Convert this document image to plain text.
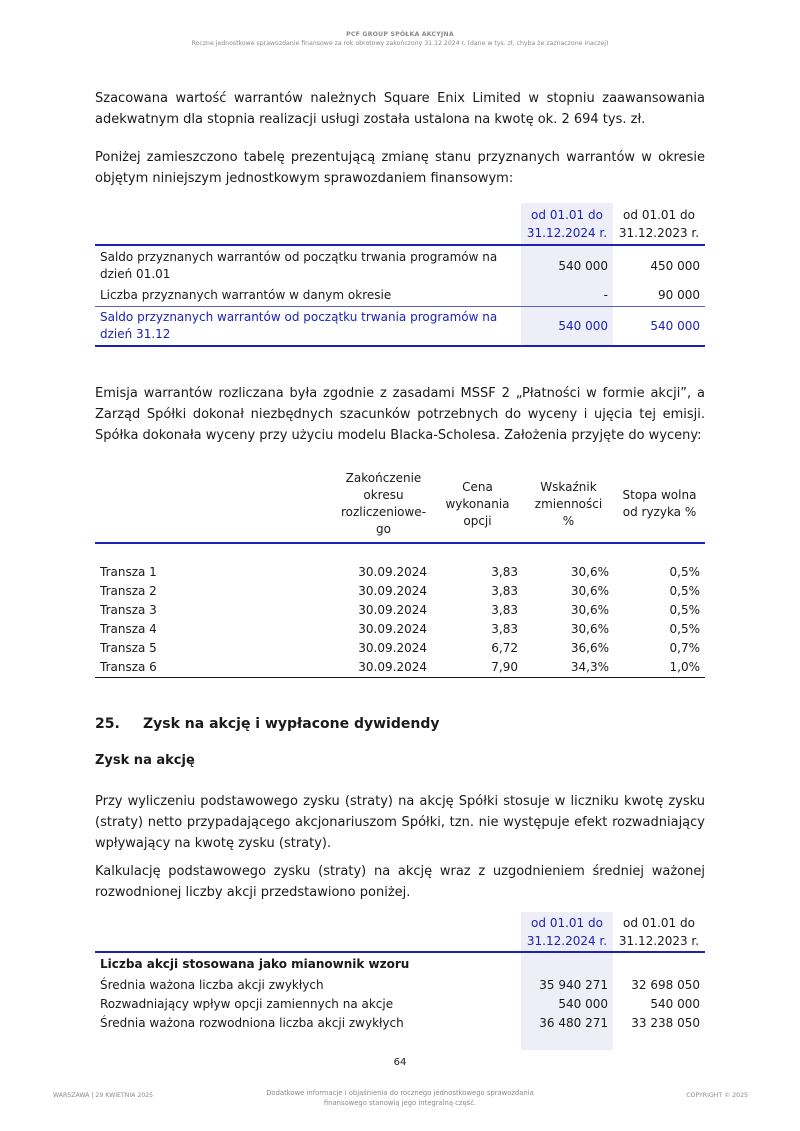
PCF GROUP SPÓŁKA AKCYJNA
Roczne jednostkowe sprawozdanie finansowe za rok obrotowy zakończony 31.12.2024 r. (dane w tys. zł, chyba że zaznaczone inaczej)

Szacowana wartość warrantów należnych Square Enix Limited w stopniu zaawansowania adekwatnym dla stopnia realizacji usługi została ustalona na kwotę ok. 2 694 tys. zł.

Poniżej zamieszczono tabelę prezentującą zmianę stanu przyznanych warrantów w okresie objętym niniejszym jednostkowym sprawozdaniem finansowym:

	od 01.01 do 31.12.2024 r.	od 01.01 do 31.12.2023 r.
Saldo przyznanych warrantów od początku trwania programów na dzień 01.01	540 000	450 000
Liczba przyznanych warrantów w danym okresie	-	90 000
Saldo przyznanych warrantów od początku trwania programów na dzień 31.12	540 000	540 000

Emisja warrantów rozliczana była zgodnie z zasadami MSSF 2 „Płatności w formie akcji”, a Zarząd Spółki dokonał niezbędnych szacunków potrzebnych do wyceny i ujęcia tej emisji. Spółka dokonała wyceny przy użyciu modelu Blacka-Scholesa. Założenia przyjęte do wyceny:

	Zakończenie okresu rozliczeniowe-go	Cena wykonania opcji	Wskaźnik zmienności %	Stopa wolna od ryzyka %

Transza 1	30.09.2024	3,83	30,6%	0,5%
Transza 2	30.09.2024	3,83	30,6%	0,5%
Transza 3	30.09.2024	3,83	30,6%	0,5%
Transza 4	30.09.2024	3,83	30,6%	0,5%
Transza 5	30.09.2024	6,72	36,6%	0,7%
Transza 6	30.09.2024	7,90	34,3%	1,0%
25. Zysk na akcję i wypłacone dywidendy
Zysk na akcję

Przy wyliczeniu podstawowego zysku (straty) na akcję Spółki stosuje w liczniku kwotę zysku (straty) netto przypadającego akcjonariuszom Spółki, tzn. nie występuje efekt rozwadniający wpływający na kwotę zysku (straty).

Kalkulację podstawowego zysku (straty) na akcję wraz z uzgodnieniem średniej ważonej rozwodnionej liczby akcji przedstawiono poniżej.

	od 01.01 do 31.12.2024 r.	od 01.01 do 31.12.2023 r.
Liczba akcji stosowana jako mianownik wzoru		
Średnia ważona liczba akcji zwykłych	35 940 271	32 698 050
Rozwadniający wpływ opcji zamiennych na akcje	540 000	540 000
Średnia ważona rozwodniona liczba akcji zwykłych	36 480 271	33 238 050

64
WARSZAWA | 29 KWIETNIA 2025	Dodatkowe informacje i objaśnienia do rocznego jednostkowego sprawozdania finansowego stanowią jego integralną część.
COPYRIGHT © 2025
